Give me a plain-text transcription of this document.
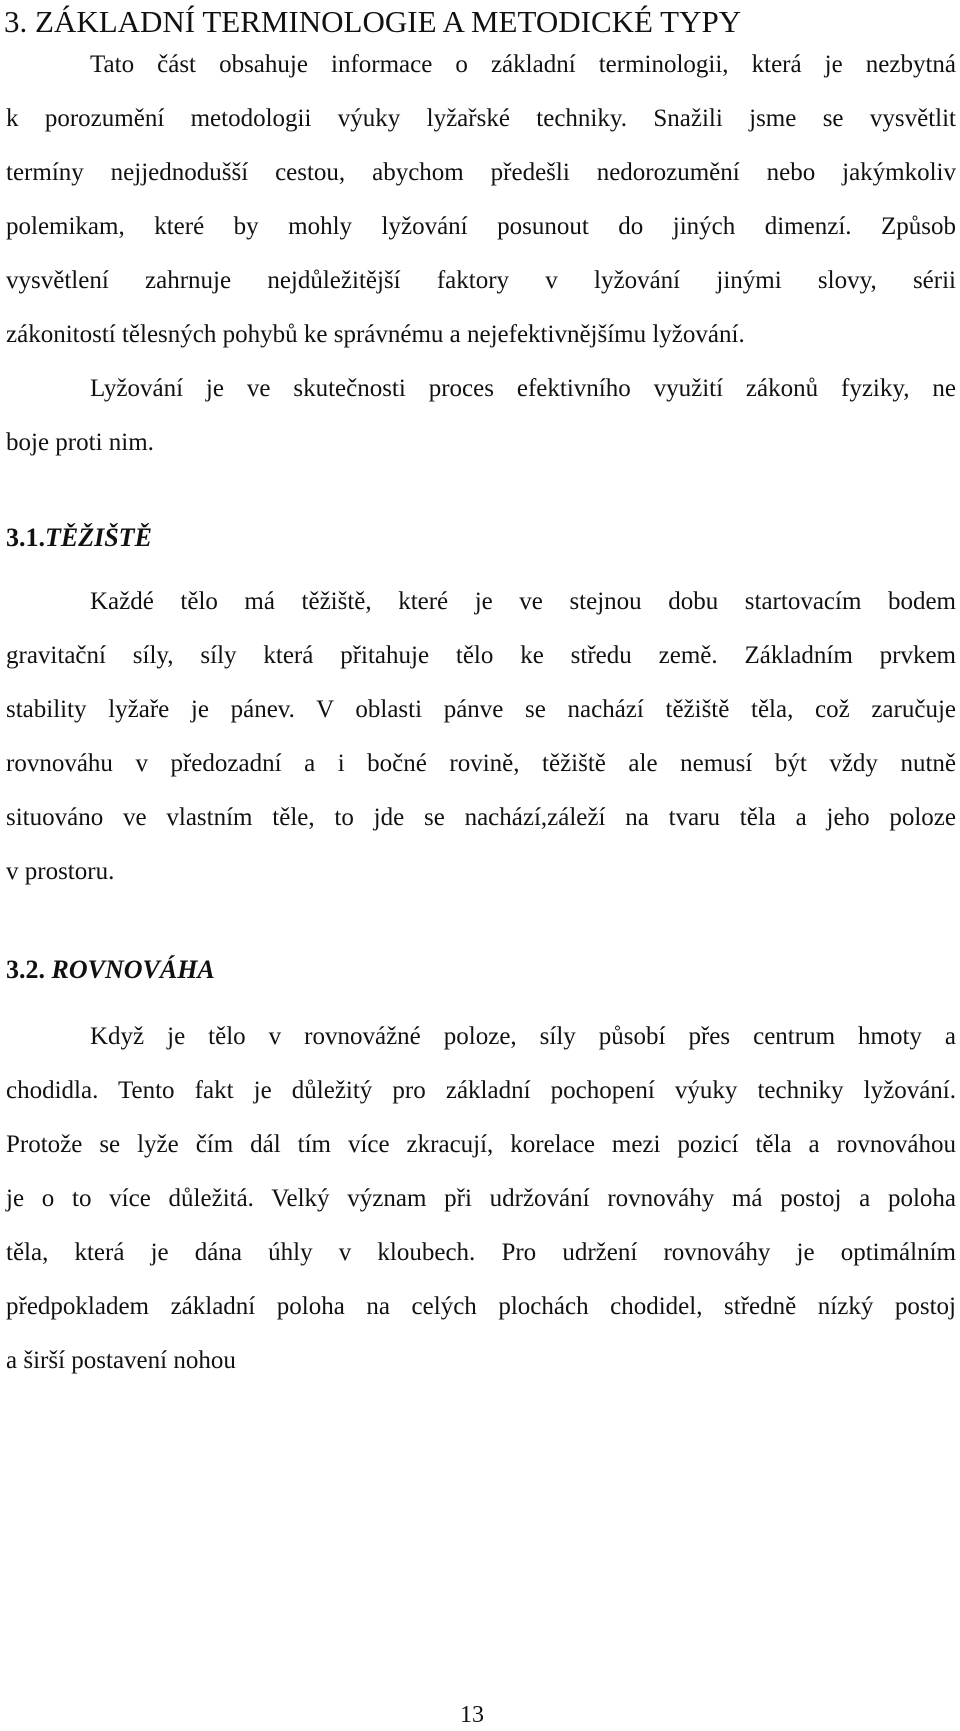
3. ZÁKLADNÍ TERMINOLOGIE A METODICKÉ TYPY
Tato část obsahuje informace o základní terminologii, která je nezbytná
k porozumění metodologii výuky lyžařské techniky. Snažili jsme se vysvětlit
termíny nejjednodušší cestou, abychom předešli nedorozumění nebo jakýmkoliv
polemikam, které by mohly lyžování posunout do jiných dimenzí. Způsob
vysvětlení zahrnuje nejdůležitější faktory v lyžování jinými slovy, sérii
zákonitostí tělesných pohybů ke správnému a nejefektivnějšímu lyžování.
Lyžování je ve skutečnosti proces efektivního využití zákonů fyziky, ne
boje proti nim.
3.1.TĚŽIŠTĚ
Každé tělo má těžiště, které je ve stejnou dobu startovacím bodem
gravitační síly, síly která přitahuje tělo ke středu země. Základním prvkem
stability lyžaře je pánev. V oblasti pánve se nachází těžiště těla, což zaručuje
rovnováhu v předozadní a i bočné rovině, těžiště ale nemusí být vždy nutně
situováno ve vlastním těle, to jde se nachází,záleží na tvaru těla a jeho poloze
v prostoru.
3.2. ROVNOVÁHA
Když je tělo v rovnovážné poloze, síly působí přes centrum hmoty a
chodidla. Tento fakt je důležitý pro základní pochopení výuky techniky lyžování.
Protože se lyže čím dál tím více zkracují, korelace mezi pozicí těla a rovnováhou
je o to více důležitá. Velký význam při udržování rovnováhy má postoj a poloha
těla, která je dána úhly v kloubech. Pro udržení rovnováhy je optimálním
předpokladem základní poloha na celých plochách chodidel, středně nízký postoj
a širší postavení nohou
13
